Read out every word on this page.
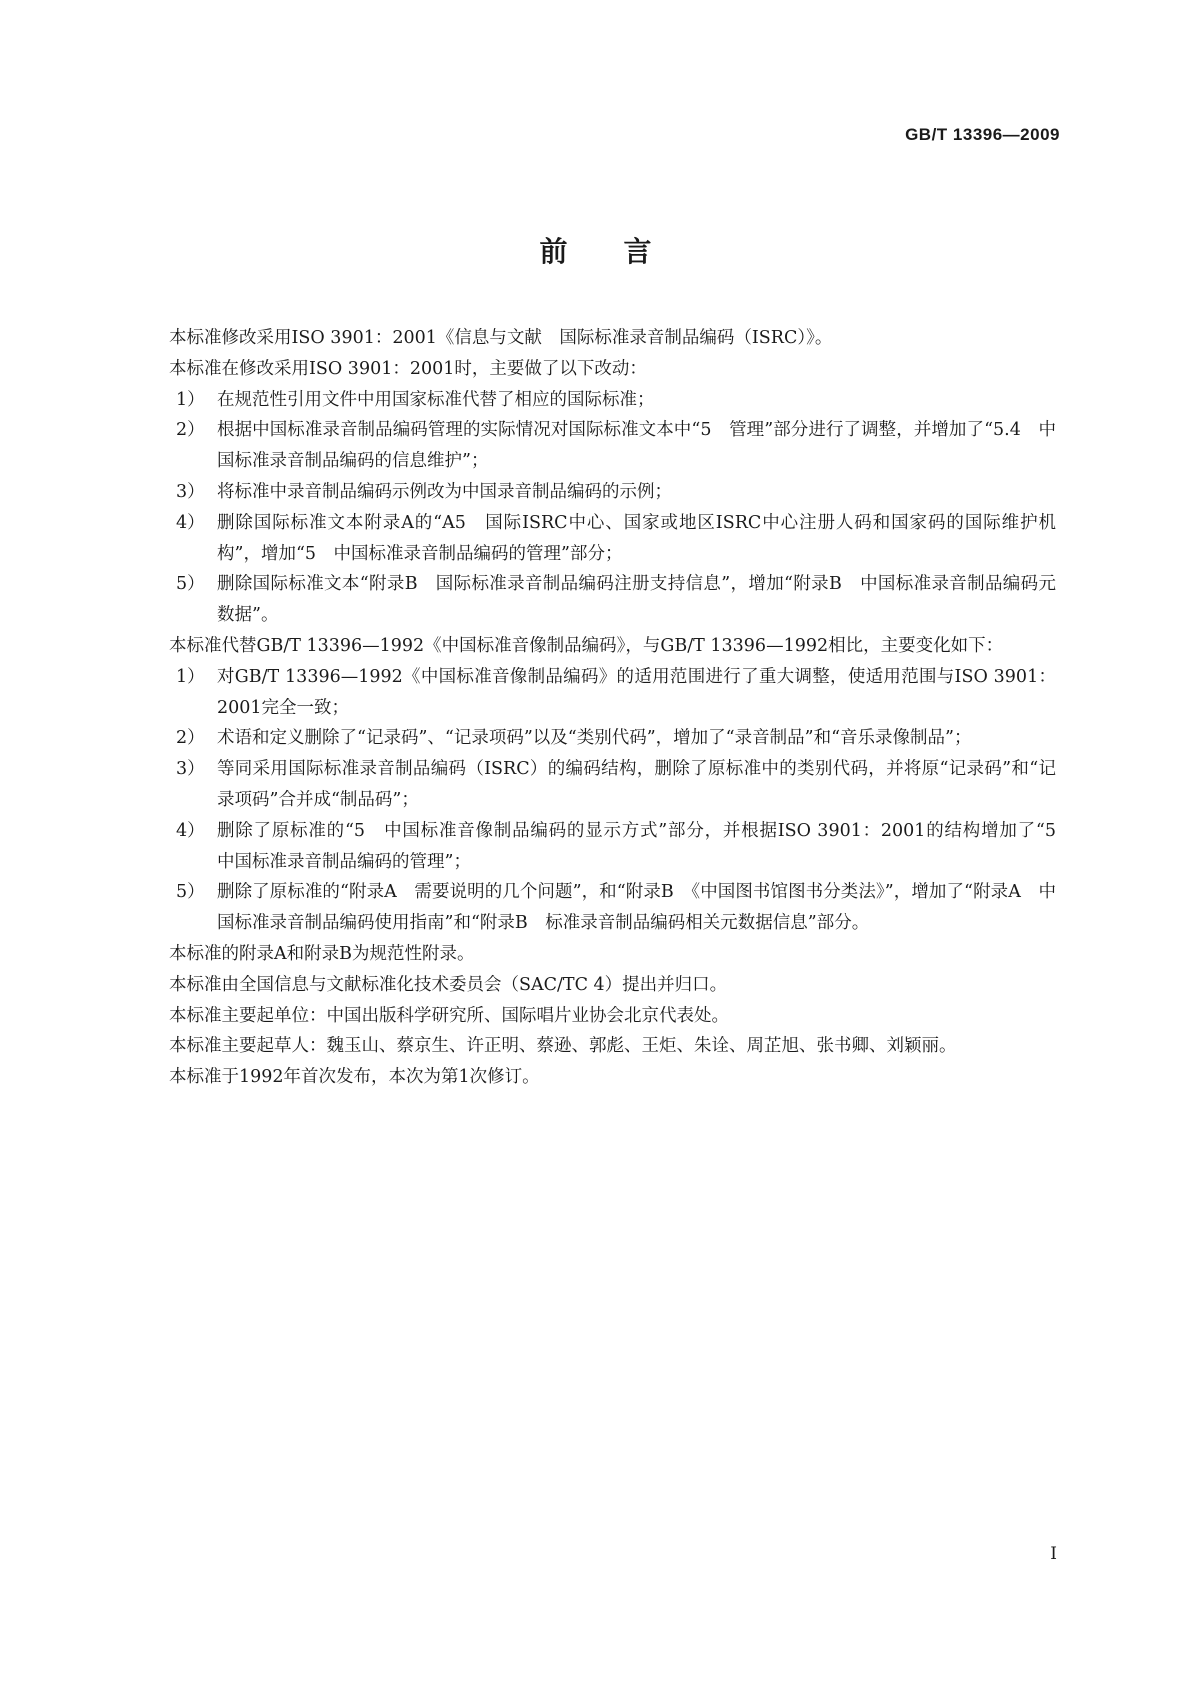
GB/T 13396—2009
前言

本标准修改采用ISO 3901：2001《信息与文献　国际标准录音制品编码（ISRC）》。

本标准在修改采用ISO 3901：2001时，主要做了以下改动：

1） 在规范性引用文件中用国家标准代替了相应的国际标准；
2） 根据中国标准录音制品编码管理的实际情况对国际标准文本中“5　管理”部分进行了调整，并增加了“5.4　中国标准录音制品编码的信息维护”；
3） 将标准中录音制品编码示例改为中国录音制品编码的示例；
4） 删除国际标准文本附录A的“A5　国际ISRC中心、国家或地区ISRC中心注册人码和国家码的国际维护机构”，增加“5　中国标准录音制品编码的管理”部分；
5） 删除国际标准文本“附录B　国际标准录音制品编码注册支持信息”，增加“附录B　中国标准录音制品编码元数据”。

本标准代替GB/T 13396—1992《中国标准音像制品编码》，与GB/T 13396—1992相比，主要变化如下：

1） 对GB/T 13396—1992《中国标准音像制品编码》的适用范围进行了重大调整，使适用范围与ISO 3901：2001完全一致；
2） 术语和定义删除了“记录码”、“记录项码”以及“类别代码”，增加了“录音制品”和“音乐录像制品”；
3） 等同采用国际标准录音制品编码（ISRC）的编码结构，删除了原标准中的类别代码，并将原“记录码”和“记录项码”合并成“制品码”；
4） 删除了原标准的“5　中国标准音像制品编码的显示方式”部分，并根据ISO 3901：2001的结构增加了“5　中国标准录音制品编码的管理”；
5） 删除了原标准的“附录A　需要说明的几个问题”，和“附录B　《中国图书馆图书分类法》”，增加了“附录A　中国标准录音制品编码使用指南”和“附录B　标准录音制品编码相关元数据信息”部分。

本标准的附录A和附录B为规范性附录。

本标准由全国信息与文献标准化技术委员会（SAC/TC 4）提出并归口。

本标准主要起单位：中国出版科学研究所、国际唱片业协会北京代表处。

本标准主要起草人：魏玉山、蔡京生、许正明、蔡逊、郭彪、王炬、朱诠、周芷旭、张书卿、刘颖丽。

本标准于1992年首次发布，本次为第1次修订。

I
